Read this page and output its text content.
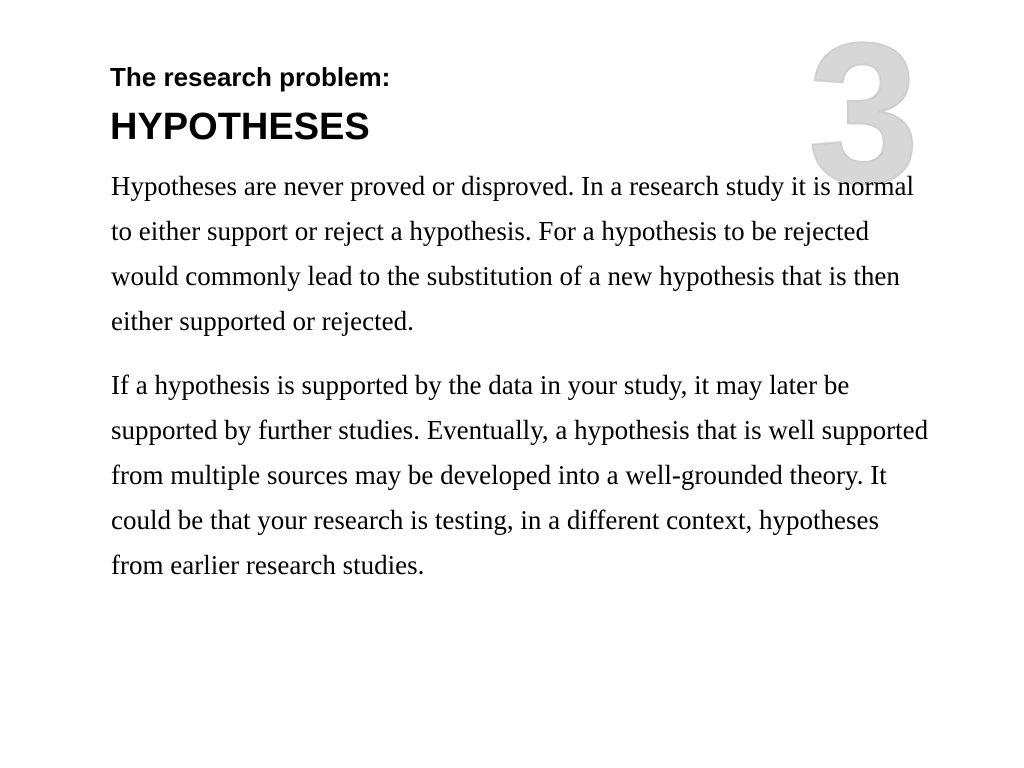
3
The research problem:
HYPOTHESES

Hypotheses are never proved or disproved. In a research study it is normal to either support or reject a hypothesis. For a hypothesis to be rejected would commonly lead to the substitution of a new hypothesis that is then either supported or rejected.

If a hypothesis is supported by the data in your study, it may later be supported by further studies. Eventually, a hypothesis that is well supported from multiple sources may be developed into a well-grounded theory. It could be that your research is testing, in a different context, hypotheses from earlier research studies.
